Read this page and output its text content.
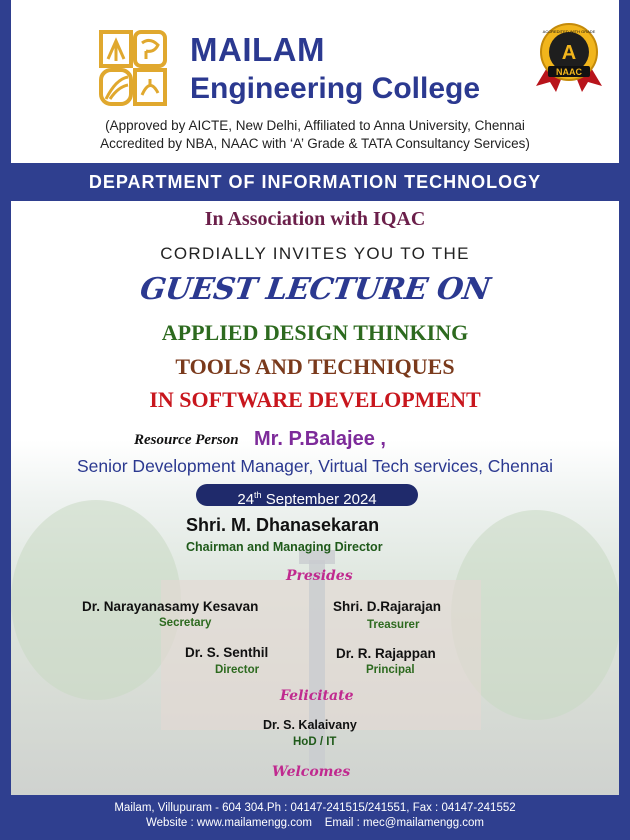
MAILAM
Engineering College
A
NAAC
ACCREDITED WITH GRADE
(Approved by AICTE, New Delhi, Affiliated to Anna University, Chennai
Accredited by NBA, NAAC with ‘A’ Grade & TATA Consultancy Services)
DEPARTMENT OF INFORMATION TECHNOLOGY
In Association with IQAC
CORDIALLY INVITES YOU TO THE
GUEST LECTURE ON
APPLIED DESIGN THINKING
TOOLS AND TECHNIQUES
IN SOFTWARE DEVELOPMENT
Resource Person Mr. P.Balajee ,
Senior Development Manager, Virtual Tech services, Chennai
24th September 2024
Shri. M. Dhanasekaran
Chairman and Managing Director
Presides
Dr. Narayanasamy Kesavan
Secretary
Shri. D.Rajarajan
Treasurer
Dr. S. Senthil
Director
Dr. R. Rajappan
Principal
Felicitate
Dr. S. Kalaivany
HoD / IT
Welcomes
Mailam, Villupuram - 604 304.Ph : 04147-241515/241551, Fax : 04147-241552
Website : www.mailamengg.com    Email : mec@mailamengg.com
